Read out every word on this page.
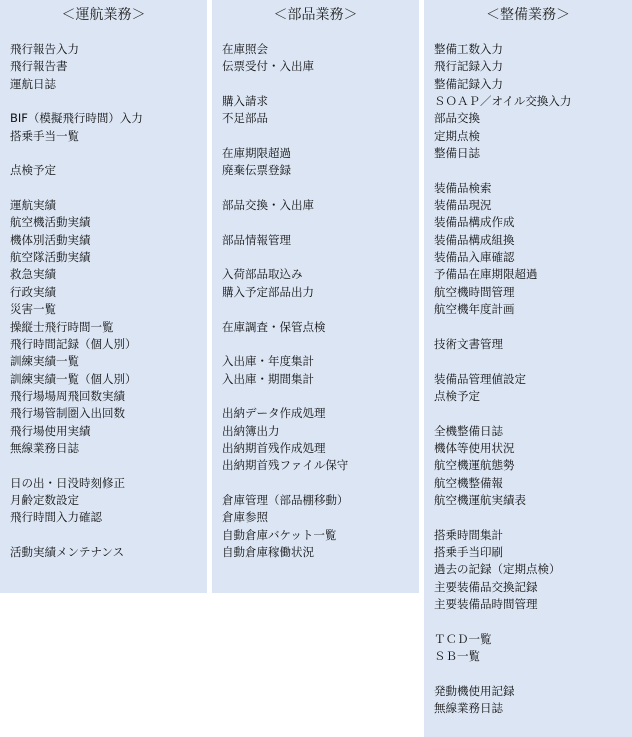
＜運航業務＞
飛行報告入力
飛行報告書
運航日誌
BIF（模擬飛行時間）入力
搭乗手当一覧
点検予定
運航実績
航空機活動実績
機体別活動実績
航空隊活動実績
救急実績
行政実績
災害一覧
操縦士飛行時間一覧
飛行時間記録（個人別）
訓練実績一覧
訓練実績一覧（個人別）
飛行場場周飛回数実績
飛行場管制圏入出回数
飛行場使用実績
無線業務日誌
日の出・日没時刻修正
月齢定数設定
飛行時間入力確認
活動実績メンテナンス
＜部品業務＞
在庫照会
伝票受付・入出庫
購入請求
不足部品
在庫期限超過
廃棄伝票登録
部品交換・入出庫
部品情報管理
入荷部品取込み
購入予定部品出力
在庫調査・保管点検
入出庫・年度集計
入出庫・期間集計
出納データ作成処理
出納簿出力
出納期首残作成処理
出納期首残ファイル保守
倉庫管理（部品棚移動）
倉庫参照
自動倉庫バケット一覧
自動倉庫稼働状況
＜整備業務＞
整備工数入力
飛行記録入力
整備記録入力
ＳＯＡＰ／オイル交換入力
部品交換
定期点検
整備日誌
装備品検索
装備品現況
装備品構成作成
装備品構成組換
装備品入庫確認
予備品在庫期限超過
航空機時間管理
航空機年度計画
技術文書管理
装備品管理値設定
点検予定
全機整備日誌
機体等使用状況
航空機運航態勢
航空機整備報
航空機運航実績表
搭乗時間集計
搭乗手当印刷
過去の記録（定期点検）
主要装備品交換記録
主要装備品時間管理
ＴＣＤ一覧
ＳＢ一覧
発動機使用記録
無線業務日誌
